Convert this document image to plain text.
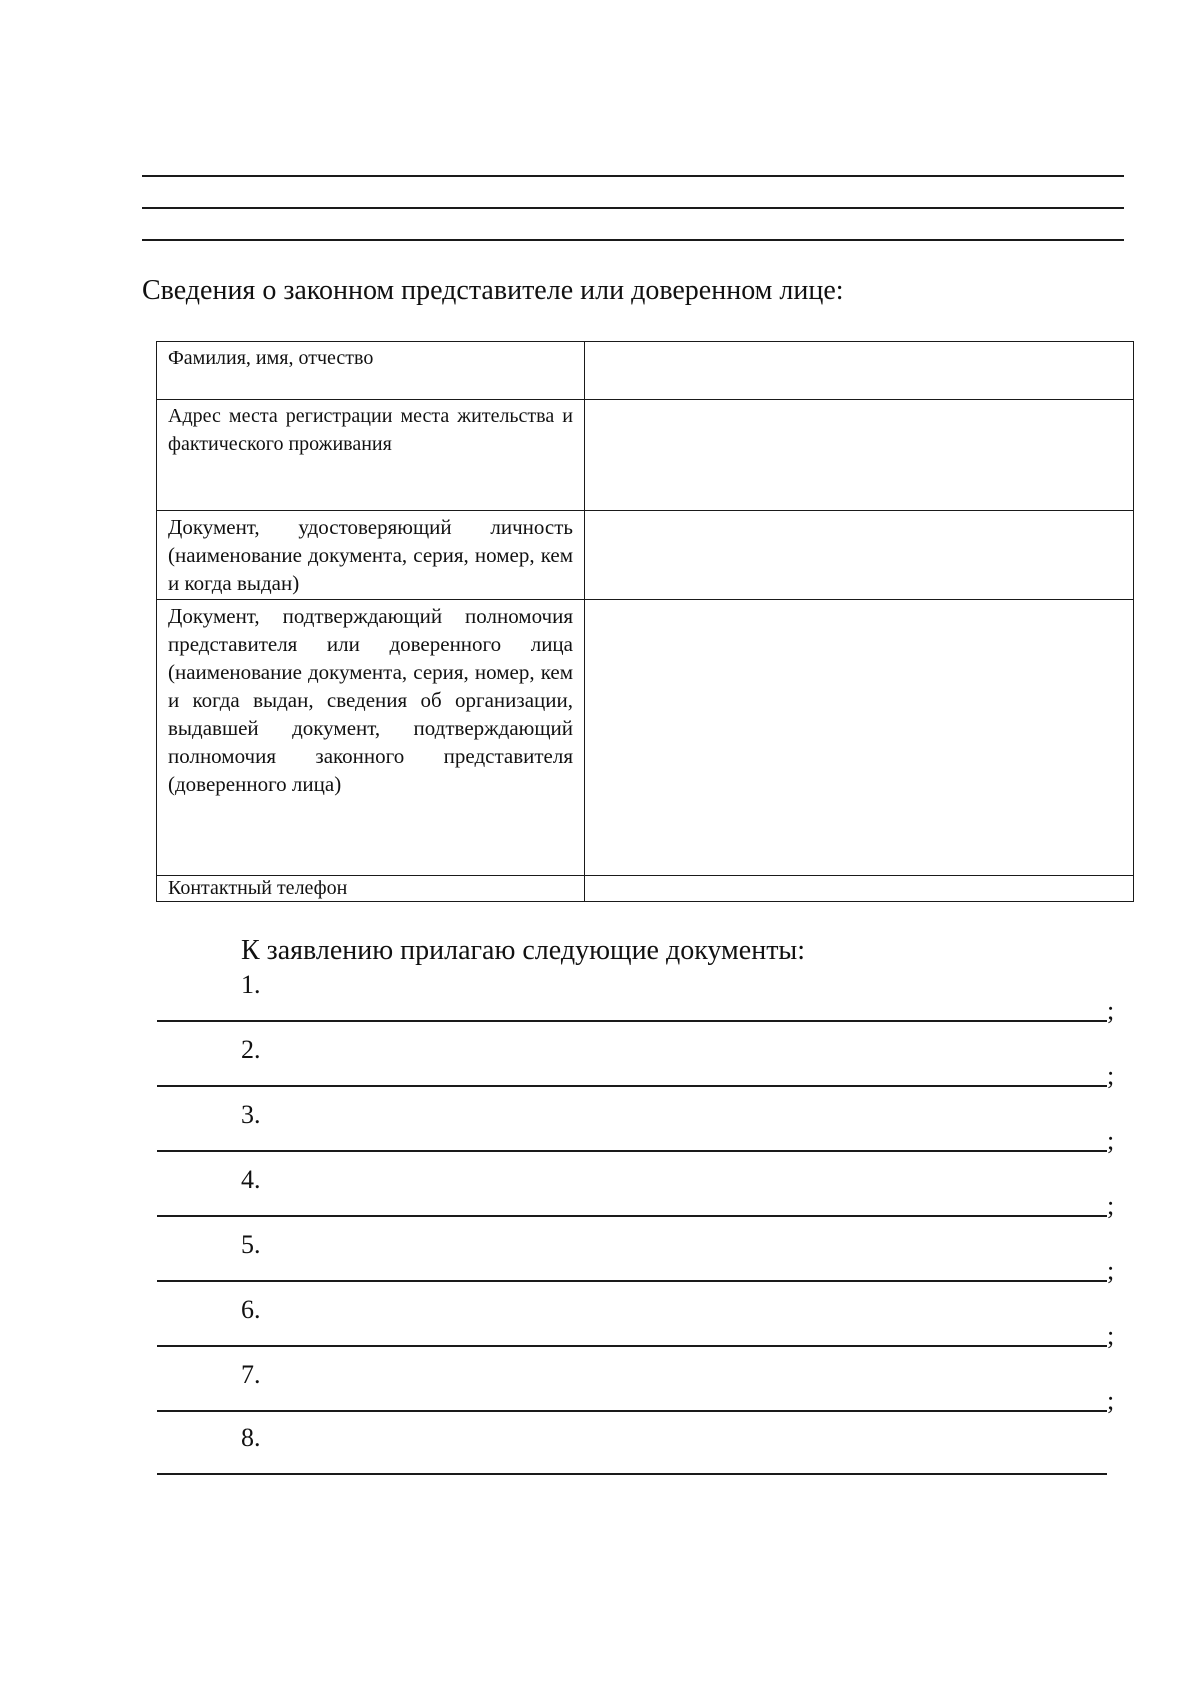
Сведения о законном представителе или доверенном лице:
Фамилия, имя, отчество	
Адрес места регистрации места жительства и фактического проживания	
Документ, удостоверяющий личность (наименование документа, серия, номер, кем и когда выдан)	
Документ, подтверждающий полномочия представителя или доверенного лица (наименование документа, серия, номер, кем и когда выдан, сведения об организации, выдавшей документ, подтверждающий полномочия законного представителя (доверенного лица)	
Контактный телефон	
К заявлению прилагаю следующие документы:
1.
;
2.
;
3.
;
4.
;
5.
;
6.
;
7.
;
8.
